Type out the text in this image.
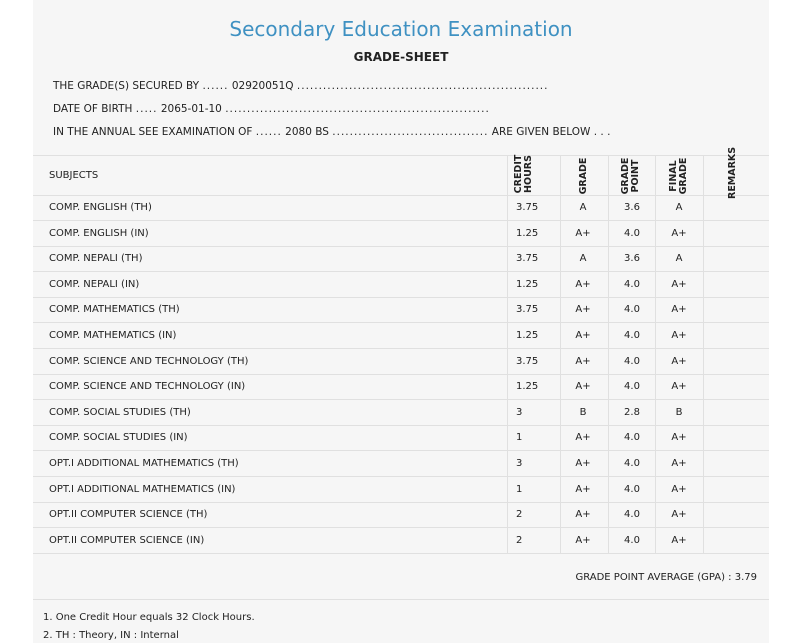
Secondary Education Examination
GRADE-SHEET
THE GRADE(S) SECURED BY ...... 02920051Q ..........................................................
DATE OF BIRTH ..... 2065-01-10 .............................................................
IN THE ANNUAL SEE EXAMINATION OF ...... 2080 BS .................................... ARE GIVEN BELOW . . .
SUBJECTS	CREDIT HOURS	GRADE	GRADE POINT	FINAL GRADE	REMARKS
COMP. ENGLISH (TH)	3.75	A	3.6	A
COMP. ENGLISH (IN)	1.25	A+	4.0	A+
COMP. NEPALI (TH)	3.75	A	3.6	A
COMP. NEPALI (IN)	1.25	A+	4.0	A+
COMP. MATHEMATICS (TH)	3.75	A+	4.0	A+
COMP. MATHEMATICS (IN)	1.25	A+	4.0	A+
COMP. SCIENCE AND TECHNOLOGY (TH)	3.75	A+	4.0	A+
COMP. SCIENCE AND TECHNOLOGY (IN)	1.25	A+	4.0	A+
COMP. SOCIAL STUDIES (TH)	3	B	2.8	B
COMP. SOCIAL STUDIES (IN)	1	A+	4.0	A+
OPT.I ADDITIONAL MATHEMATICS (TH)	3	A+	4.0	A+
OPT.I ADDITIONAL MATHEMATICS (IN)	1	A+	4.0	A+
OPT.II COMPUTER SCIENCE (TH)	2	A+	4.0	A+
OPT.II COMPUTER SCIENCE (IN)	2	A+	4.0	A+
GRADE POINT AVERAGE (GPA) : 3.79
1. One Credit Hour equals 32 Clock Hours.
2. TH : Theory, IN : Internal
